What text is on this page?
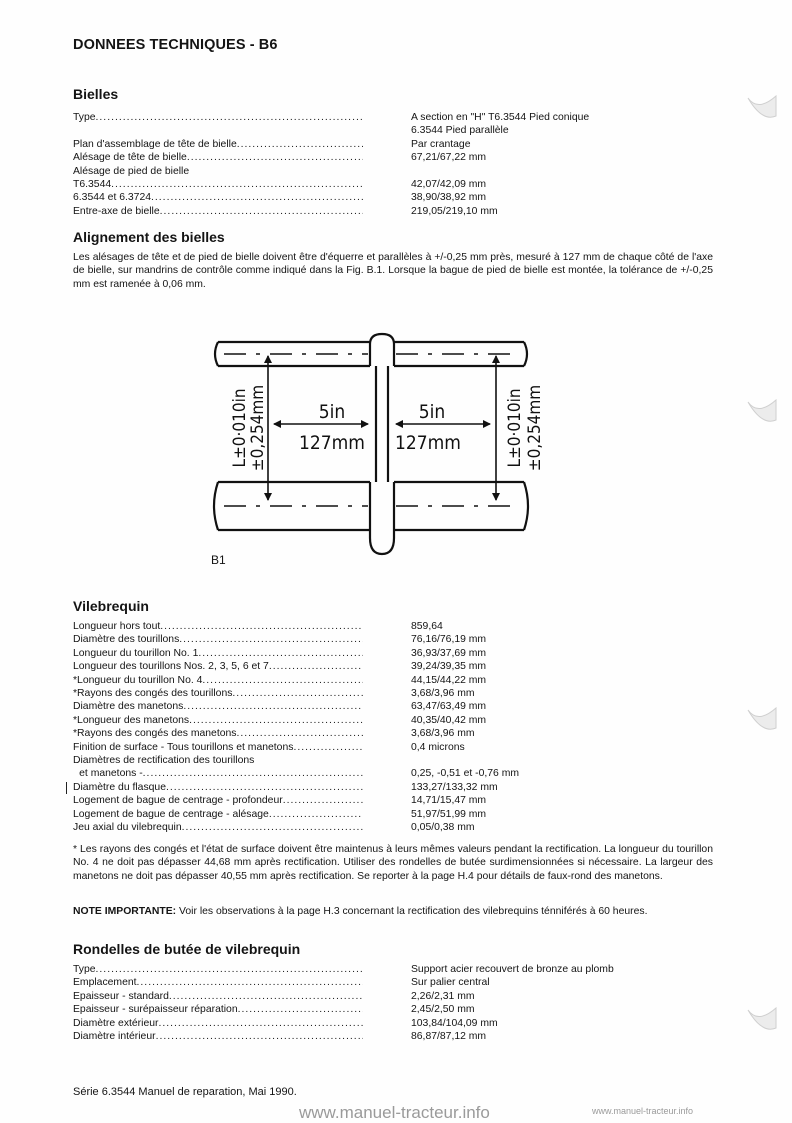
DONNEES TECHNIQUES - B6
Bielles
Type .....	A section en "H" T6.3544 Pied conique
6.3544 Pied parallèle
Plan d'assemblage de tête de bielle .....	Par crantage
Alésage de tête de bielle .....	67,21/67,22 mm
Alésage de pied de bielle
T6.3544 .....	42,07/42,09 mm
6.3544 et 6.3724 .....	38,90/38,92 mm
Entre-axe de bielle .....	219,05/219,10 mm
Alignement des bielles
Les alésages de tête et de pied de bielle doivent être d'équerre et parallèles à +/-0,25 mm près, mesuré à 127 mm de chaque côté de l'axe de bielle, sur mandrins de contrôle comme indiqué dans la Fig. B.1. Lorsque la bague de pied de bielle est montée, la tolérance de +/-0,25 mm est ramenée à 0,06 mm.
5in
127mm
5in
127mm
L±0·010in
±0,254mm	L±0·010in ±0,254mm
B1
Vilebrequin
Longueur hors tout .....	859,64
Diamètre des tourillons .....	76,16/76,19 mm
Longueur du tourillon No. 1 .....	36,93/37,69 mm
Longueur des tourillons Nos. 2, 3, 5, 6 et 7 .....	39,24/39,35 mm
*Longueur du tourillon No. 4 .....	44,15/44,22 mm
*Rayons des congés des tourillons .....	3,68/3,96 mm
Diamètre des manetons .....	63,47/63,49 mm
*Longueur des manetons .....	40,35/40,42 mm
*Rayons des congés des manetons .....	3,68/3,96 mm
Finition de surface - Tous tourillons et manetons .....	0,4 microns
Diamètres de rectification des tourillons
et manetons - .....	0,25, -0,51 et -0,76 mm
Diamètre du flasque .....	133,27/133,32 mm
Logement de bague de centrage - profondeur .....	14,71/15,47 mm
Logement de bague de centrage - alésage .....	51,97/51,99 mm
Jeu axial du vilebrequin .....	0,05/0,38 mm
* Les rayons des congés et l'état de surface doivent être maintenus à leurs mêmes valeurs pendant la rectification. La longueur du tourillon No. 4 ne doit pas dépasser 44,68 mm après rectification. Utiliser des rondelles de butée surdimensionnées si nécessaire. La largeur des manetons ne doit pas dépasser 40,55 mm après rectification. Se reporter à la page H.4 pour détails de faux-rond des manetons.
NOTE IMPORTANTE: Voir les observations à la page H.3 concernant la rectification des vilebrequins ténniférés à 60 heures.
Rondelles de butée de vilebrequin
Type .....	Support acier recouvert de bronze au plomb
Emplacement .....	Sur palier central
Epaisseur - standard .....	2,26/2,31 mm
Epaisseur - surépaisseur réparation .....	2,45/2,50 mm
Diamètre extérieur .....	103,84/104,09 mm
Diamètre intérieur .....	86,87/87,12 mm
Série 6.3544 Manuel de reparation, Mai 1990.
www.manuel-tracteur.info	www.manuel-tracteur.info
